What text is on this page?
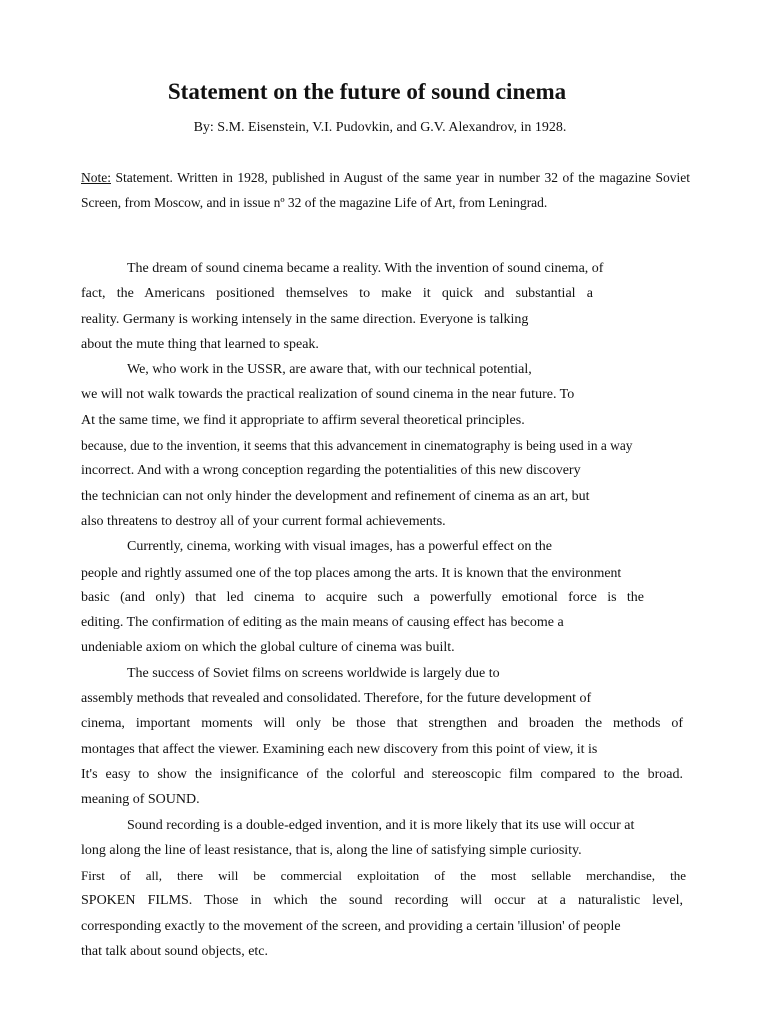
Statement on the future of sound cinema
By: S.M. Eisenstein, V.I. Pudovkin, and G.V. Alexandrov, in 1928.
Note: Statement. Written in 1928, published in August of the same year in number 32 of the magazine Soviet Screen, from Moscow, and in issue nº 32 of the magazine Life of Art, from Leningrad.
The dream of sound cinema became a reality. With the invention of sound cinema, of
fact, the Americans positioned themselves to make it quick and substantial a
reality. Germany is working intensely in the same direction. Everyone is talking
about the mute thing that learned to speak.
We, who work in the USSR, are aware that, with our technical potential,
we will not walk towards the practical realization of sound cinema in the near future. To
At the same time, we find it appropriate to affirm several theoretical principles.
because, due to the invention, it seems that this advancement in cinematography is being used in a way
incorrect. And with a wrong conception regarding the potentialities of this new discovery
the technician can not only hinder the development and refinement of cinema as an art, but
also threatens to destroy all of your current formal achievements.
Currently, cinema, working with visual images, has a powerful effect on the
people and rightly assumed one of the top places among the arts. It is known that the environment
basic (and only) that led cinema to acquire such a powerfully emotional force is the
editing. The confirmation of editing as the main means of causing effect has become a
undeniable axiom on which the global culture of cinema was built.
The success of Soviet films on screens worldwide is largely due to
assembly methods that revealed and consolidated. Therefore, for the future development of
cinema, important moments will only be those that strengthen and broaden the methods of
montages that affect the viewer. Examining each new discovery from this point of view, it is
It's easy to show the insignificance of the colorful and stereoscopic film compared to the broad.
meaning of SOUND.
Sound recording is a double-edged invention, and it is more likely that its use will occur at
long along the line of least resistance, that is, along the line of satisfying simple curiosity.
First of all, there will be commercial exploitation of the most sellable merchandise, the
SPOKEN FILMS. Those in which the sound recording will occur at a naturalistic level,
corresponding exactly to the movement of the screen, and providing a certain 'illusion' of people
that talk about sound objects, etc.
